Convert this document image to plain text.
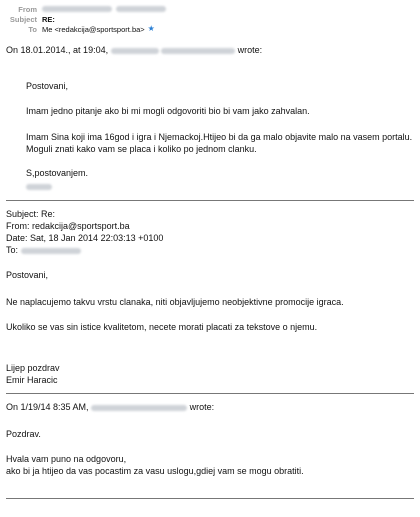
From
Subject RE:
To Me <redakcija@sportsport.ba> ★
On 18.01.2014., at 19:04,	wrote:
Postovani,
Imam jedno pitanje ako bi mi mogli odgovoriti bio bi vam jako zahvalan.
Imam Sina koji ima 16god i igra i Njemackoj.Htijeo bi da ga malo objavite malo na vasem portalu.
Moguli znati kako vam se placa i koliko po jednom clanku.
S,postovanjem.
Subject: Re:
From: redakcija@sportsport.ba
Date: Sat, 18 Jan 2014 22:03:13 +0100
To:
Postovani,
Ne naplacujemo takvu vrstu clanaka, niti objavljujemo neobjektivne promocije igraca.
Ukoliko se vas sin istice kvalitetom, necete morati placati za tekstove o njemu.
Lijep pozdrav
Emir Haracic
On 1/19/14 8:35 AM,	wrote:
Pozdrav.
Hvala vam puno na odgovoru,
ako bi ja htijeo da vas pocastim za vasu uslogu,gdiej vam se mogu obratiti.
